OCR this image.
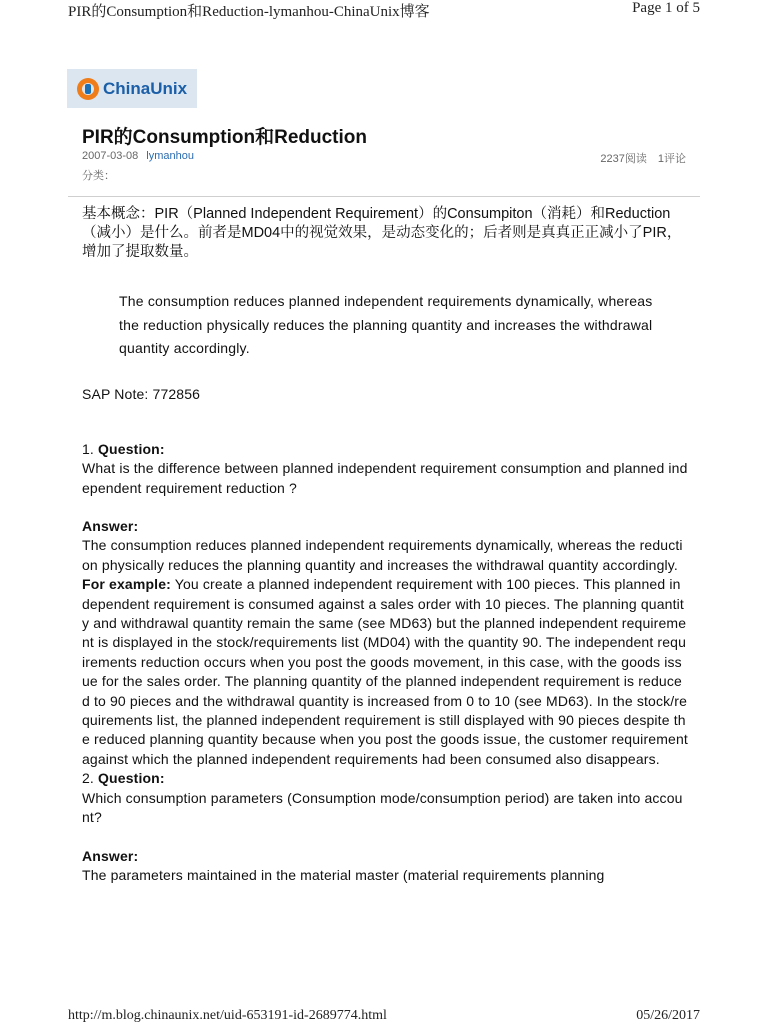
PIR的Consumption和Reduction-lymanhou-ChinaUnix博客	Page 1 of 5
ChinaUnix
PIR的Consumption和Reduction
2007-03-08 lymanhou	2237阅读　1评论
分类：

基本概念：PIR（Planned Independent Requirement）的Consumpiton（消耗）和Reduction（减小）是什么。前者是MD04中的视觉效果，是动态变化的；后者则是真真正正减小了PIR，增加了提取数量。

The consumption reduces planned independent requirements dynamically, whereas the reduction physically reduces the planning quantity and increases the withdrawal quantity accordingly.

SAP Note: 772856

1. Question:
What is the difference between planned independent requirement consumption and planned independent requirement reduction ?
Answer:
The consumption reduces planned independent requirements dynamically, whereas the reduction physically reduces the planning quantity and increases the withdrawal quantity accordingly.
For example: You create a planned independent requirement with 100 pieces. This planned independent requirement is consumed against a sales order with 10 pieces. The planning quantity and withdrawal quantity remain the same (see MD63) but the planned independent requirement is displayed in the stock/requirements list (MD04) with the quantity 90. The independent requirements reduction occurs when you post the goods movement, in this case, with the goods issue for the sales order. The planning quantity of the planned independent requirement is reduced to 90 pieces and the withdrawal quantity is increased from 0 to 10 (see MD63). In the stock/requirements list, the planned independent requirement is still displayed with 90 pieces despite the reduced planning quantity because when you post the goods issue, the customer requirement against which the planned independent requirements had been consumed also disappears.
2. Question:
Which consumption parameters (Consumption mode/consumption period) are taken into account?
Answer:
The parameters maintained in the material master (material requirements planning
http://m.blog.chinaunix.net/uid-653191-id-2689774.html	05/26/2017
